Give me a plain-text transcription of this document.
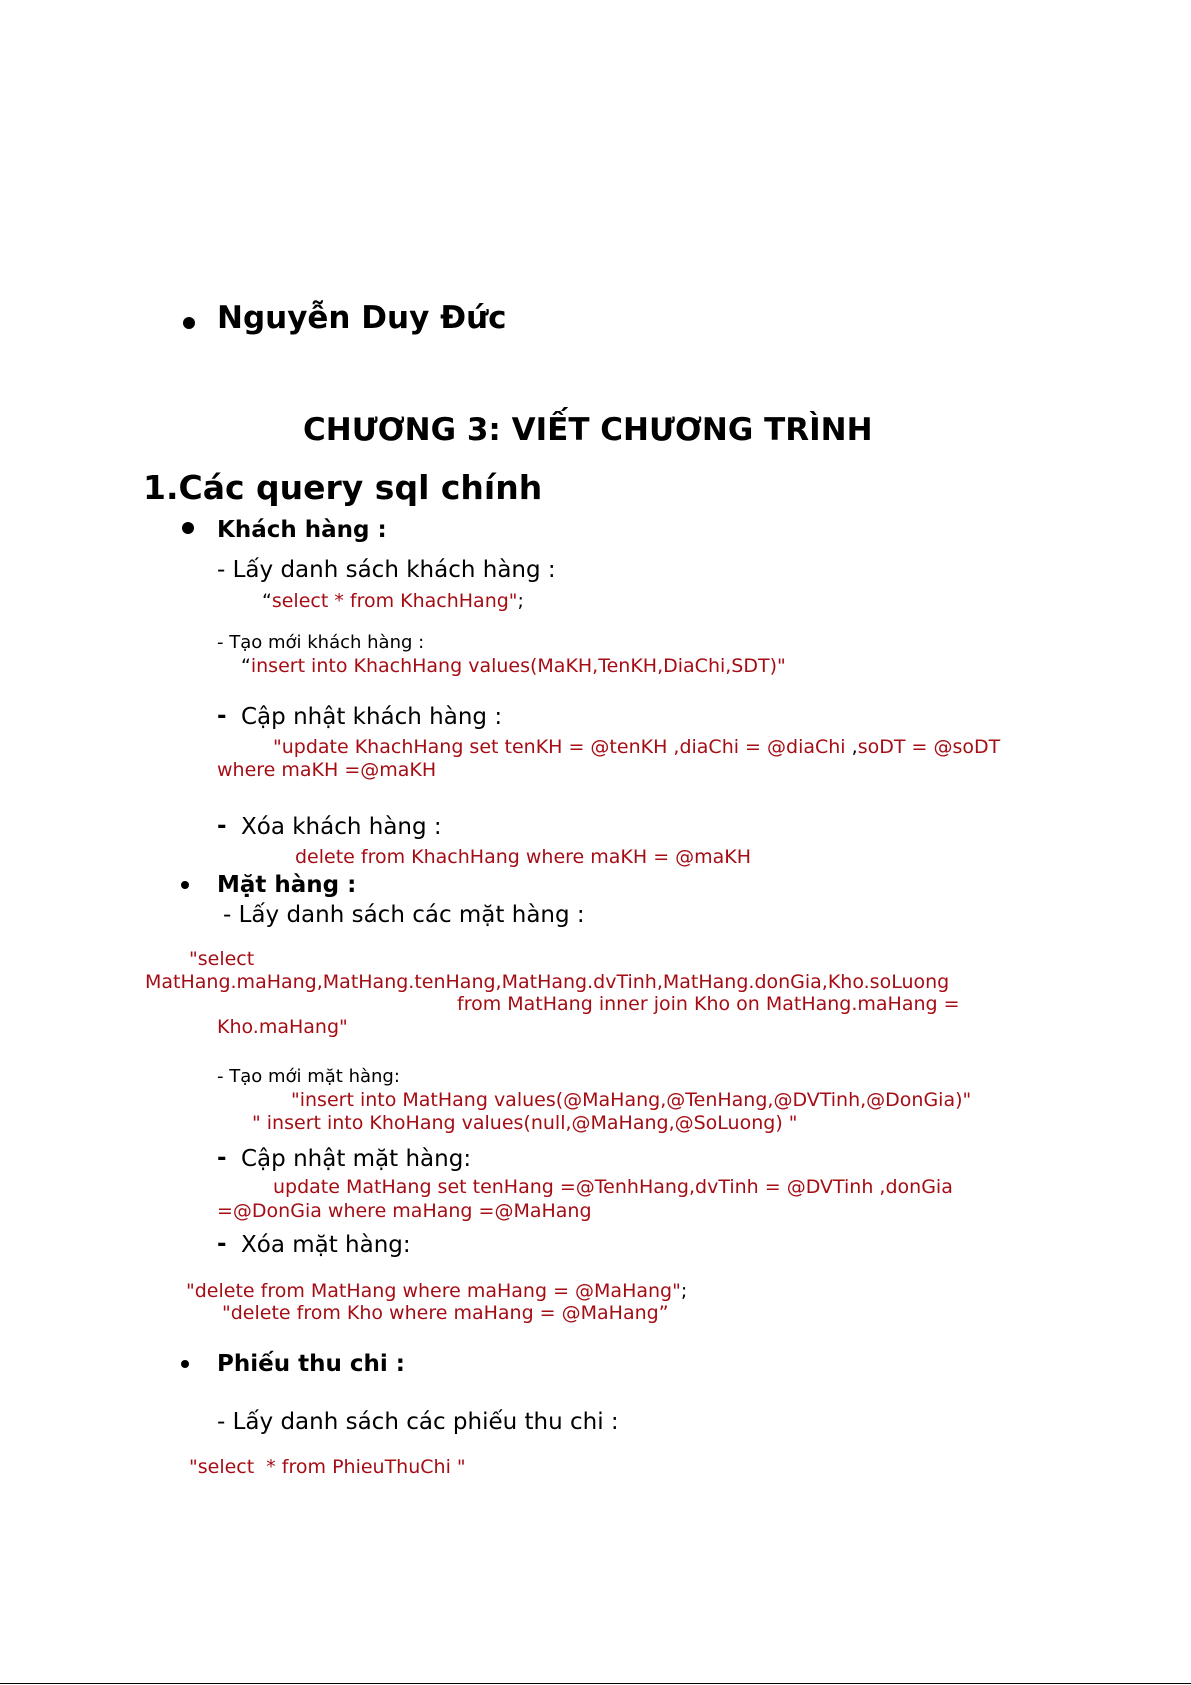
Nguyễn Duy Đức
CHƯƠNG 3: VIẾT CHƯƠNG TRÌNH
1.Các query sql chính
Khách hàng :
- Lấy danh sách khách hàng :
“select * from KhachHang";
- Tạo mới khách hàng :
“insert into KhachHang values(MaKH,TenKH,DiaChi,SDT)"
- Cập nhật khách hàng :
"update KhachHang set tenKH = @tenKH ,diaChi = @diaChi ,soDT = @soDT
where maKH =@maKH
- Xóa khách hàng :
delete from KhachHang where maKH = @maKH
Mặt hàng :
- Lấy danh sách các mặt hàng :
"select
MatHang.maHang,MatHang.tenHang,MatHang.dvTinh,MatHang.donGia,Kho.soLuong
from MatHang inner join Kho on MatHang.maHang =
Kho.maHang"
- Tạo mới mặt hàng:
"insert into MatHang values(@MaHang,@TenHang,@DVTinh,@DonGia)"
" insert into KhoHang values(null,@MaHang,@SoLuong) "
- Cập nhật mặt hàng:
update MatHang set tenHang =@TenhHang,dvTinh = @DVTinh ,donGia
=@DonGia where maHang =@MaHang
- Xóa mặt hàng:
"delete from MatHang where maHang = @MaHang";
"delete from Kho where maHang = @MaHang”
Phiếu thu chi :
- Lấy danh sách các phiếu thu chi :
"select  * from PhieuThuChi "
